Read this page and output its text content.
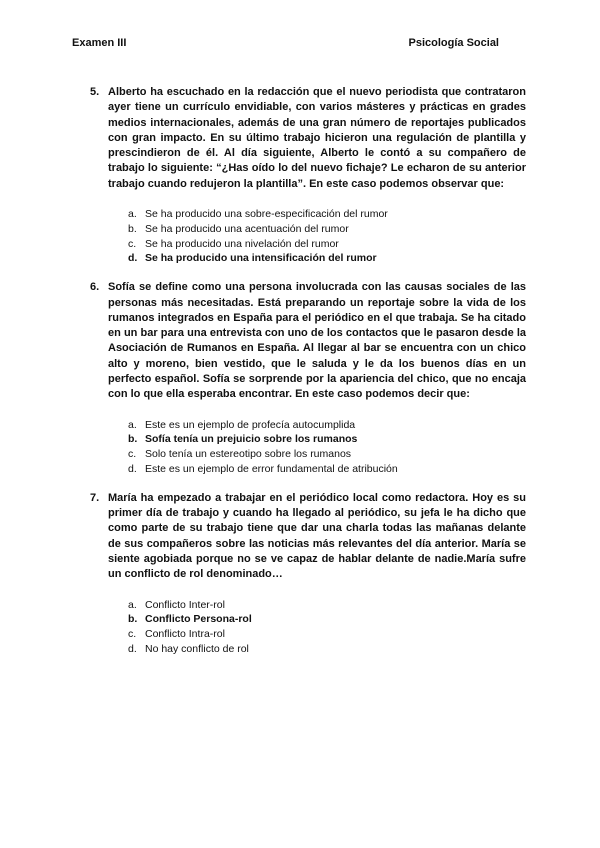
Examen III	Psicología Social
5. Alberto ha escuchado en la redacción que el nuevo periodista que contrataron ayer tiene un currículo envidiable, con varios másteres y prácticas en grades medios internacionales, además de una gran número de reportajes publicados con gran impacto. En su último trabajo hicieron una regulación de plantilla y prescindieron de él. Al día siguiente, Alberto le contó a su compañero de trabajo lo siguiente: “¿Has oído lo del nuevo fichaje? Le echaron de su anterior trabajo cuando redujeron la plantilla”. En este caso podemos observar que:
a. Se ha producido una sobre-especificación del rumor
b. Se ha producido una acentuación del rumor
c. Se ha producido una nivelación del rumor
d. Se ha producido una intensificación del rumor
6. Sofía se define como una persona involucrada con las causas sociales de las personas más necesitadas. Está preparando un reportaje sobre la vida de los rumanos integrados en España para el periódico en el que trabaja. Se ha citado en un bar para una entrevista con uno de los contactos que le pasaron desde la Asociación de Rumanos en España. Al llegar al bar se encuentra con un chico alto y moreno, bien vestido, que le saluda y le da los buenos días en un perfecto español. Sofía se sorprende por la apariencia del chico, que no encaja con lo que ella esperaba encontrar. En este caso podemos decir que:
a. Este es un ejemplo de profecía autocumplida
b. Sofía tenía un prejuicio sobre los rumanos
c. Solo tenía un estereotipo sobre los rumanos
d. Este es un ejemplo de error fundamental de atribución
7. María ha empezado a trabajar en el periódico local como redactora. Hoy es su primer día de trabajo y cuando ha llegado al periódico, su jefa le ha dicho que como parte de su trabajo tiene que dar una charla todas las mañanas delante de sus compañeros sobre las noticias más relevantes del día anterior. María se siente agobiada porque no se ve capaz de hablar delante de nadie.María sufre un conflicto de rol denominado…
a. Conflicto Inter-rol
b. Conflicto Persona-rol
c. Conflicto Intra-rol
d. No hay conflicto de rol
